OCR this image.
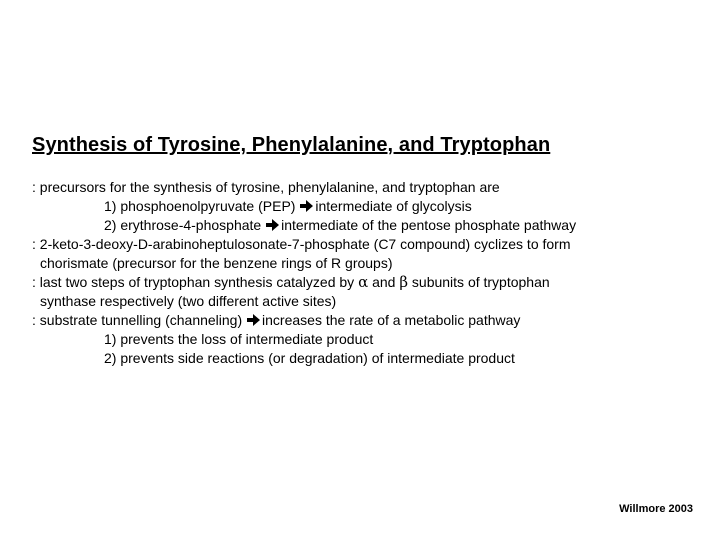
Synthesis of Tyrosine, Phenylalanine, and Tryptophan
: precursors for the synthesis of tyrosine, phenylalanine, and tryptophan are
1) phosphoenolpyruvate (PEP) intermediate of glycolysis
2) erythrose-4-phosphate intermediate of the pentose phosphate pathway
: 2-keto-3-deoxy-D-arabinoheptulosonate-7-phosphate (C7 compound) cyclizes to form
chorismate (precursor for the benzene rings of R groups)
: last two steps of tryptophan synthesis catalyzed by α and β subunits of tryptophan
synthase respectively (two different active sites)
: substrate tunnelling (channeling) increases the rate of a metabolic pathway
1) prevents the loss of intermediate product
2) prevents side reactions (or degradation) of intermediate product
Willmore 2003
